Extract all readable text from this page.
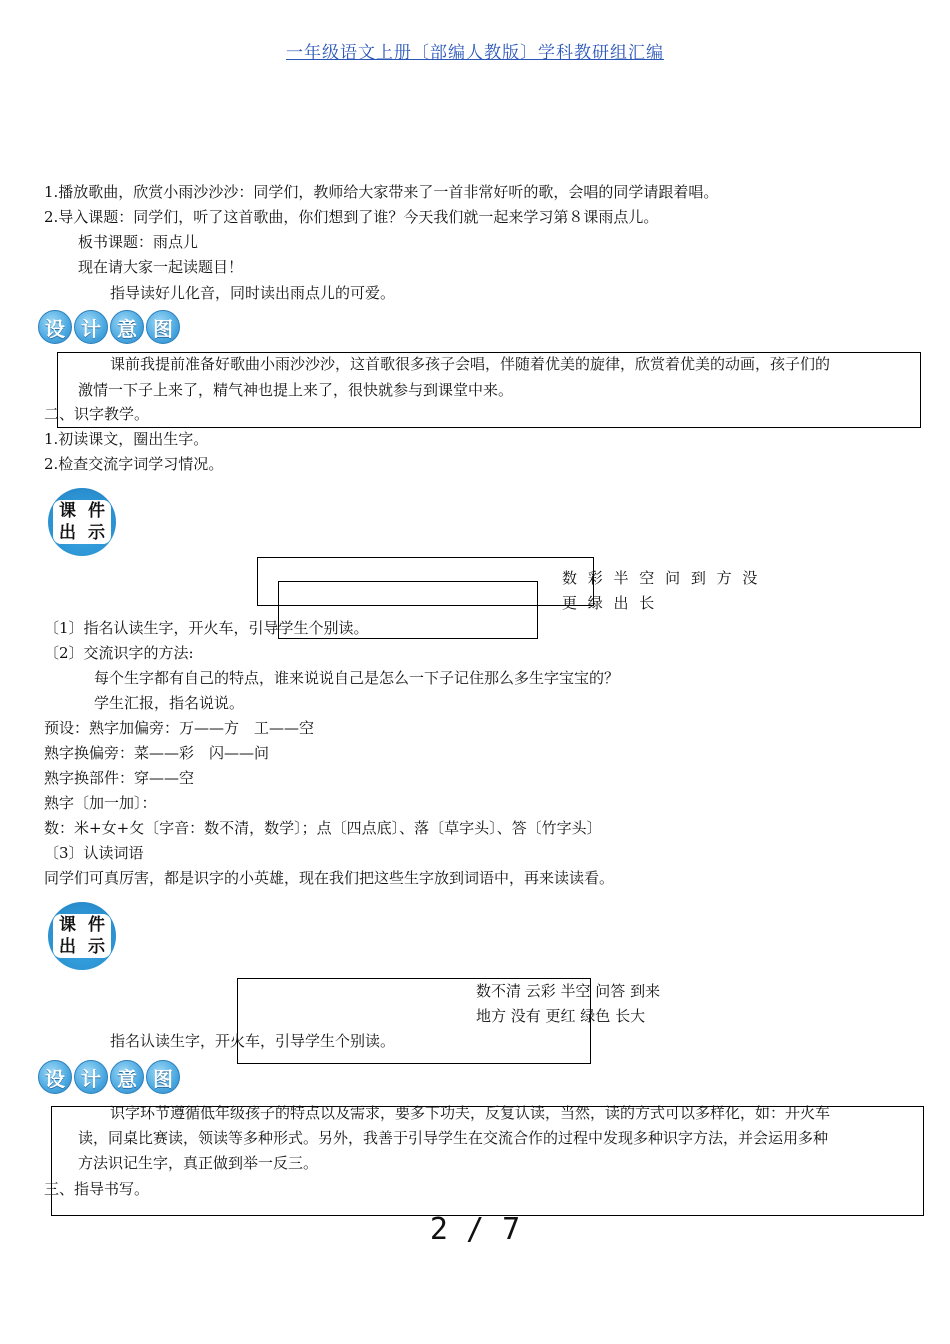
一年级语文上册〔部编人教版〕学科教研组汇编
1.播放歌曲，欣赏小雨沙沙沙：同学们，教师给大家带来了一首非常好听的歌，会唱的同学请跟着唱。
2.导入课题：同学们，听了这首歌曲，你们想到了谁？今天我们就一起来学习第８课雨点儿。
板书课题：雨点儿
现在请大家一起读题目！
指导读好儿化音，同时读出雨点儿的可爱。
设 计 意 图
课前我提前准备好歌曲小雨沙沙沙，这首歌很多孩子会唱，伴随着优美的旋律，欣赏着优美的动画，孩子们的
激情一下子上来了，精气神也提上来了，很快就参与到课堂中来。
二、识字教学。
1.初读课文，圈出生字。
2.检查交流字词学习情况。
课 件
出 示
数 彩 半 空 问 到 方 没
更 绿 出 长
〔1〕指名认读生字，开火车，引导学生个别读。
〔2〕交流识字的方法:
每个生字都有自己的特点，谁来说说自己是怎么一下子记住那么多生字宝宝的？
学生汇报，指名说说。
预设：熟字加偏旁：万——方　工——空
熟字换偏旁：菜——彩　闪——问
熟字换部件：穿——空
熟字〔加一加〕：
数：米+女+攵〔字音：数不清，数学〕；点〔四点底〕、落〔草字头〕、答〔竹字头〕
〔3〕认读词语
同学们可真厉害，都是识字的小英雄，现在我们把这些生字放到词语中，再来读读看。
课 件
出 示
数不清 云彩 半空 问答 到来
地方 没有 更红 绿色 长大
指名认读生字，开火车，引导学生个别读。
设 计 意 图
识字环节遵循低年级孩子的特点以及需求，要多下功夫，反复认读，当然，读的方式可以多样化，如：开火车
读，同桌比赛读，领读等多种形式。另外，我善于引导学生在交流合作的过程中发现多种识字方法，并会运用多种
方法识记生字，真正做到举一反三。
三、指导书写。
2 / 7
